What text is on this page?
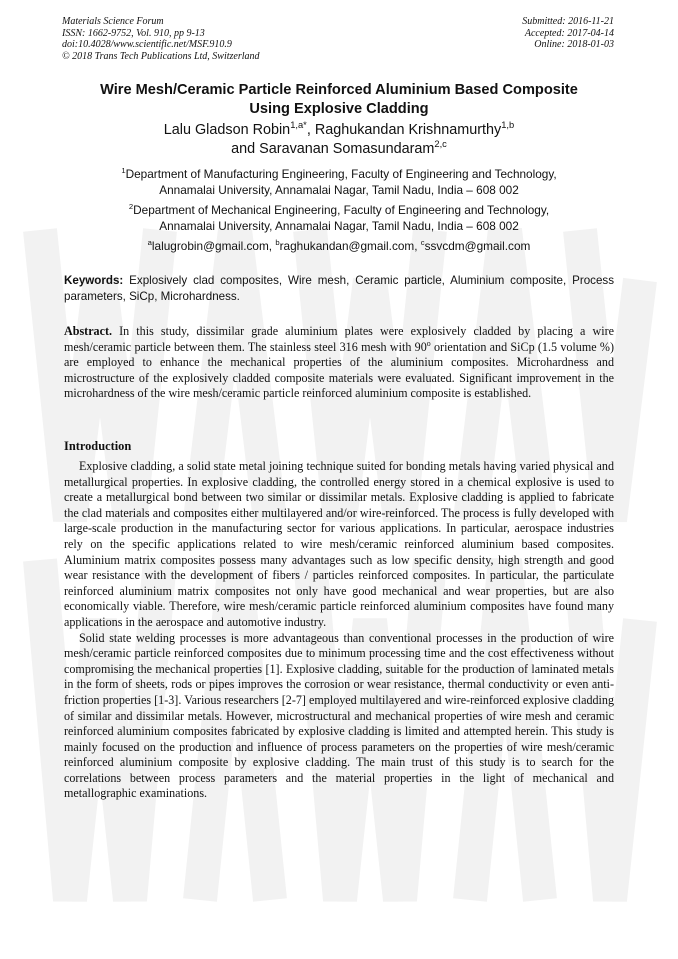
Materials Science Forum
ISSN: 1662-9752, Vol. 910, pp 9-13
doi:10.4028/www.scientific.net/MSF.910.9
© 2018 Trans Tech Publications Ltd, Switzerland
Submitted: 2016-11-21
Accepted: 2017-04-14
Online: 2018-01-03
Wire Mesh/Ceramic Particle Reinforced Aluminium Based Composite
Using Explosive Cladding
Lalu Gladson Robin$^{1,a*}$, Raghukandan Krishnamurthy$^{1,b}$
and Saravanan Somasundaram$^{2,c}$
$^1$Department of Manufacturing Engineering, Faculty of Engineering and Technology,
Annamalai University, Annamalai Nagar, Tamil Nadu, India – 608 002
$^2$Department of Mechanical Engineering, Faculty of Engineering and Technology,
Annamalai University, Annamalai Nagar, Tamil Nadu, India – 608 002
$^a$lalugrobin@gmail.com, $^b$raghukandan@gmail.com, $^c$ssvcdm@gmail.com
Keywords: Explosively clad composites, Wire mesh, Ceramic particle, Aluminium composite, Process parameters, SiCp, Microhardness.
Abstract. In this study, dissimilar grade aluminium plates were explosively cladded by placing a wire mesh/ceramic particle between them. The stainless steel 316 mesh with 90$^o$ orientation and SiCp (1.5 volume %) are employed to enhance the mechanical properties of the aluminium composites. Microhardness and microstructure of the explosively cladded composite materials were evaluated. Significant improvement in the microhardness of the wire mesh/ceramic particle reinforced aluminium composite is established.
Introduction

Explosive cladding, a solid state metal joining technique suited for bonding metals having varied physical and metallurgical properties. In explosive cladding, the controlled energy stored in a chemical explosive is used to create a metallurgical bond between two similar or dissimilar metals. Explosive cladding is applied to fabricate the clad materials and composites either multilayered and/or wire-reinforced. The process is fully developed with large-scale production in the manufacturing sector for various applications. In particular, aerospace industries rely on the specific applications related to wire mesh/ceramic reinforced aluminium based composites. Aluminium matrix composites possess many advantages such as low specific density, high strength and good wear resistance with the development of fibers / particles reinforced composites. In particular, the particulate reinforced aluminium matrix composites not only have good mechanical and wear properties, but are also economically viable. Therefore, wire mesh/ceramic particle reinforced aluminium composites have found many applications in the aerospace and automotive industry.

Solid state welding processes is more advantageous than conventional processes in the production of wire mesh/ceramic particle reinforced composites due to minimum processing time and the cost effectiveness without compromising the mechanical properties [1]. Explosive cladding, suitable for the production of laminated metals in the form of sheets, rods or pipes improves the corrosion or wear resistance, thermal conductivity or even anti-friction properties [1-3]. Various researchers [2-7] employed multilayered and wire-reinforced explosive cladding of similar and dissimilar metals. However, microstructural and mechanical properties of wire mesh and ceramic reinforced aluminium composites fabricated by explosive cladding is limited and attempted herein. This study is mainly focused on the production and influence of process parameters on the properties of wire mesh/ceramic reinforced aluminium composite by explosive cladding. The main trust of this study is to search for the correlations between process parameters and the material properties in the light of mechanical and metallographic examinations.
